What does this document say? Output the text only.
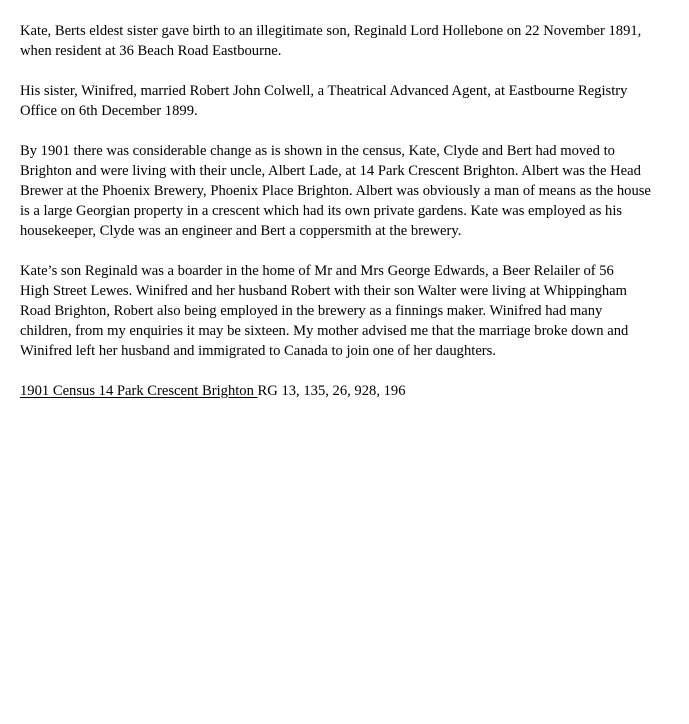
Kate, Berts eldest sister gave birth to an illegitimate son, Reginald Lord Hollebone on 22 November 1891,
when resident at 36 Beach Road Eastbourne.

His sister, Winifred, married Robert John Colwell, a Theatrical Advanced Agent, at Eastbourne Registry
Office on 6th December 1899.

By 1901 there was considerable change as is shown in the census, Kate, Clyde and Bert had moved to
Brighton and were living with their uncle, Albert Lade, at 14 Park Crescent Brighton. Albert was the Head
Brewer at the Phoenix Brewery, Phoenix Place Brighton. Albert was obviously a man of means as the house
is a large Georgian property in a crescent which had its own private gardens. Kate was employed as his
housekeeper, Clyde was an engineer and Bert a coppersmith at the brewery.

Kate’s son Reginald was a boarder in the home of Mr and Mrs George Edwards, a Beer Relailer of 56
High Street Lewes. Winifred and her husband Robert with their son Walter were living at Whippingham
Road Brighton, Robert also being employed in the brewery as a finnings maker. Winifred had many
children, from my enquiries it may be sixteen. My mother advised me that the marriage broke down and
Winifred left her husband and immigrated to Canada to join one of her daughters.

1901 Census 14 Park Crescent Brighton RG 13, 135, 26, 928, 196
